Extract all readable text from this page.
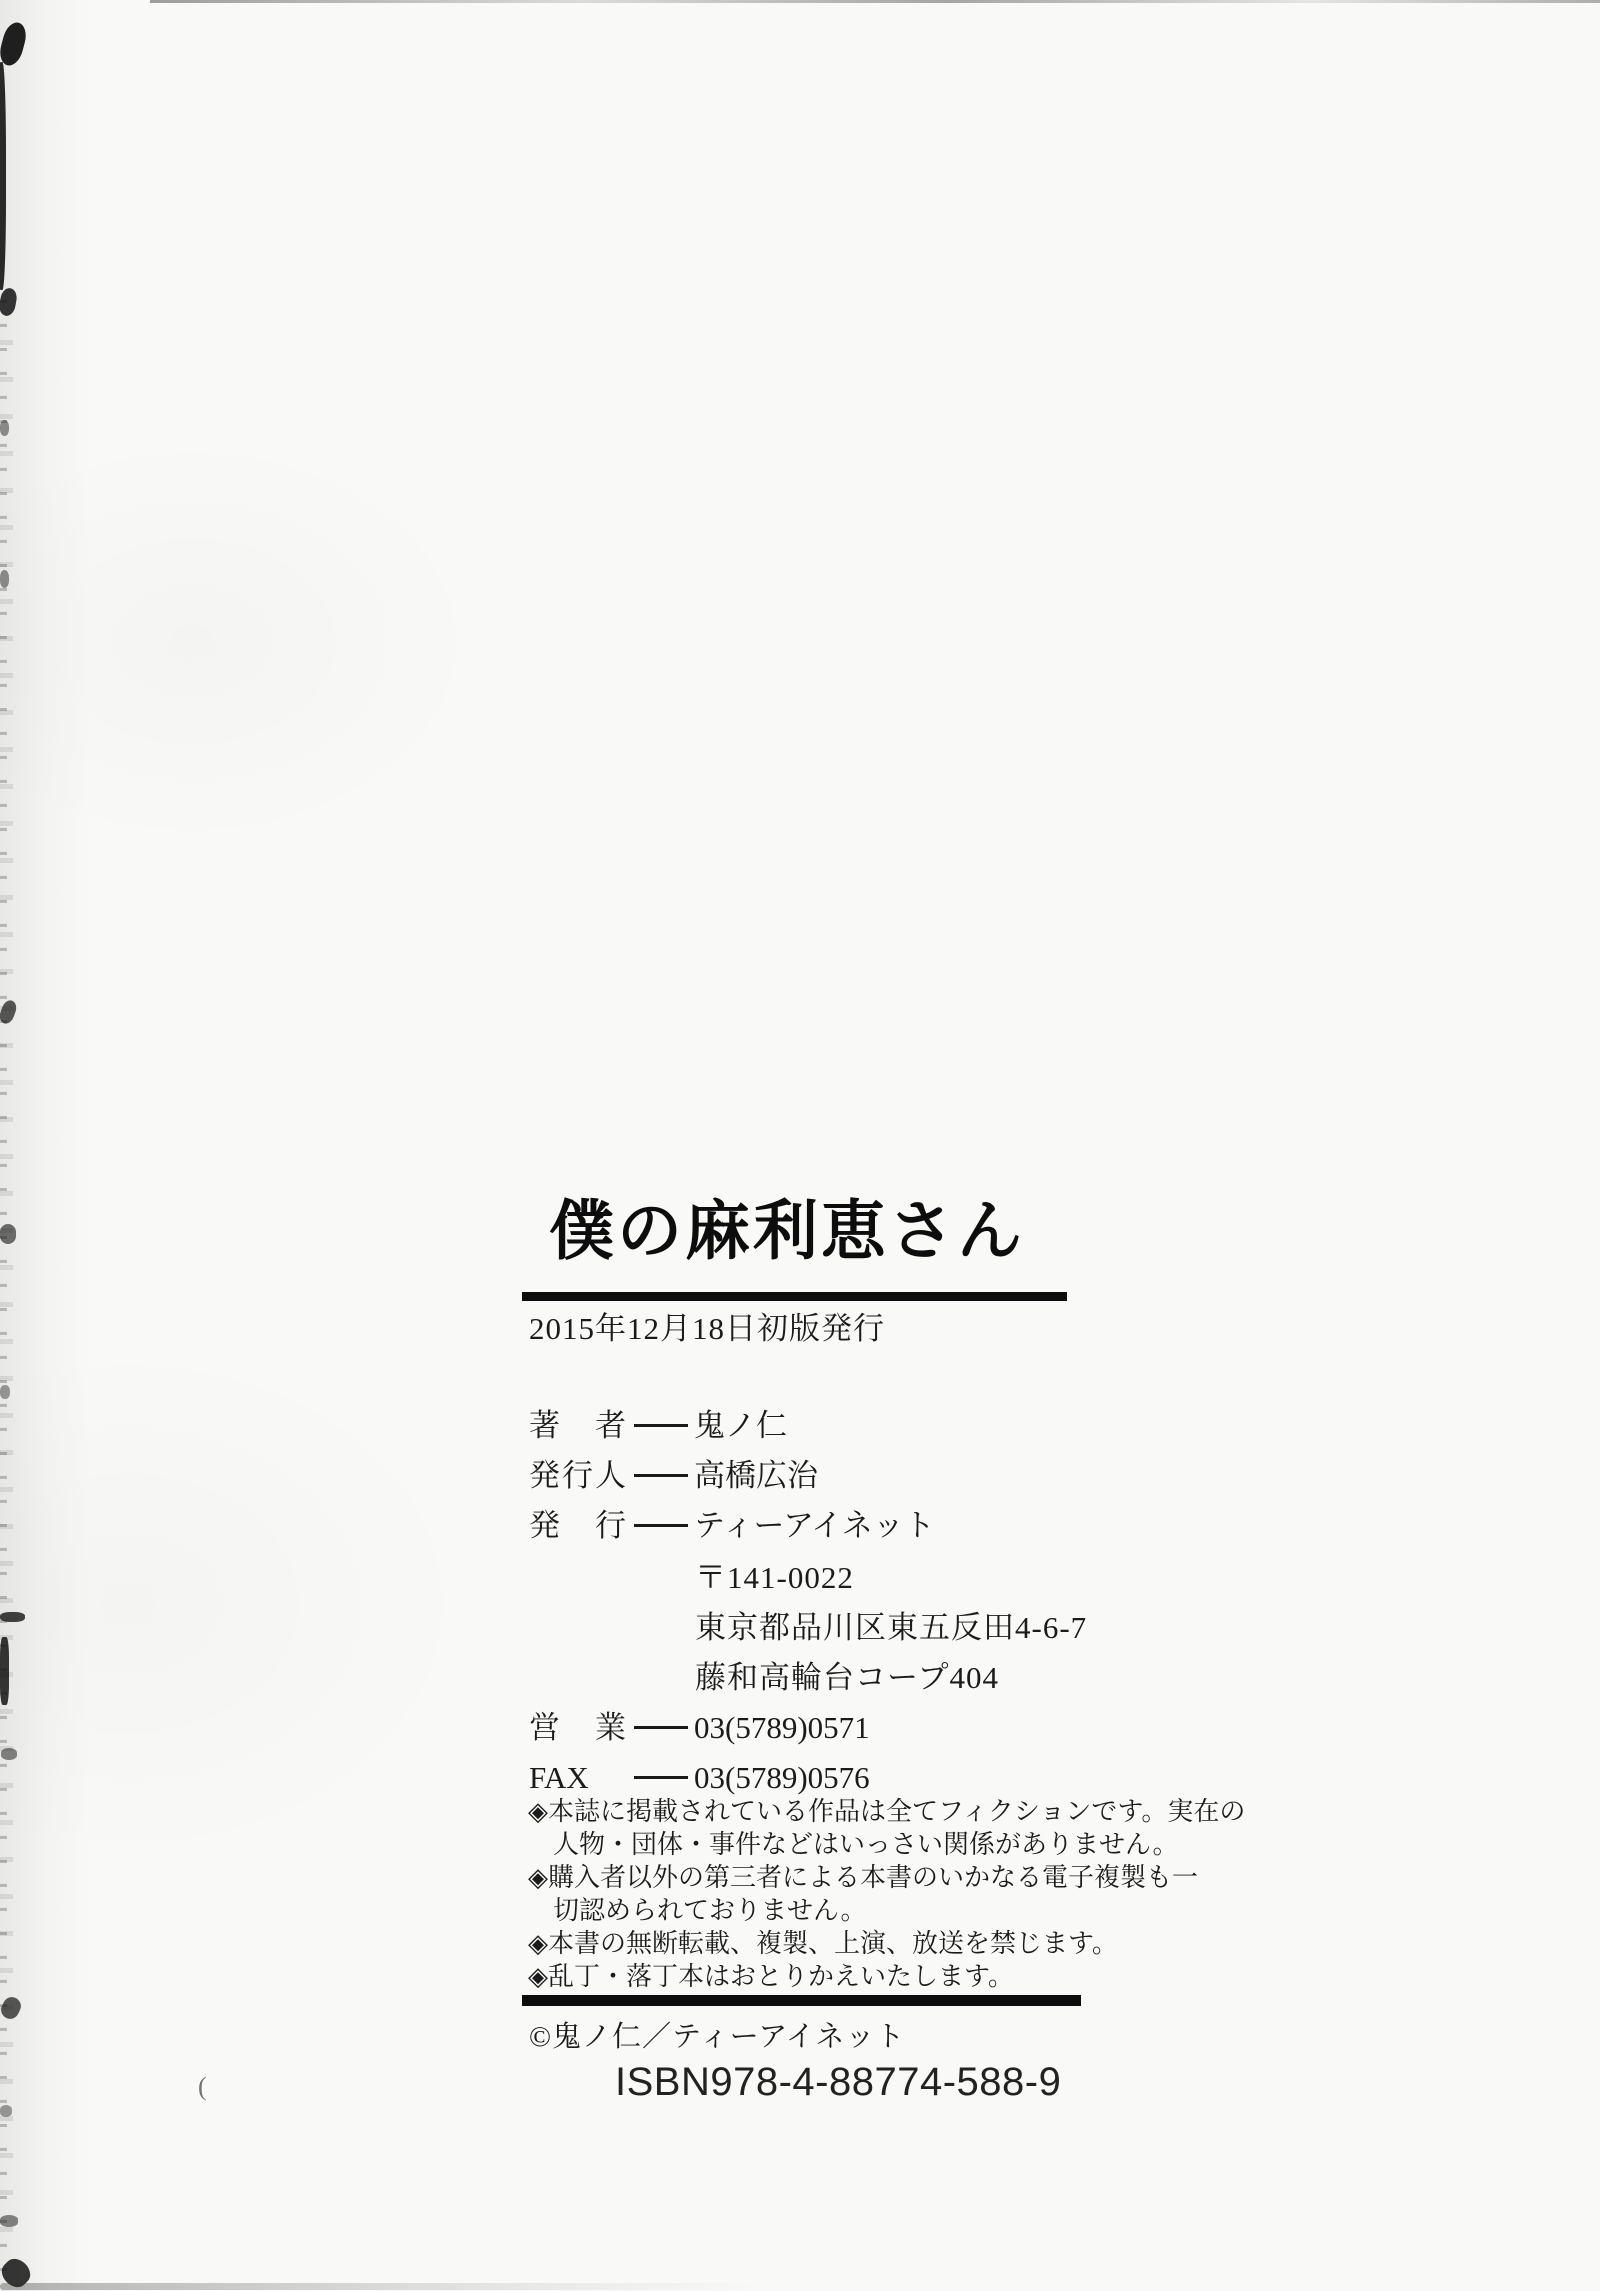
(
僕の麻利恵さん
2015年12月18日初版発行
著者 鬼ノ仁
発行人 高橋広治
発行 ティーアイネット
〒141-0022
東京都品川区東五反田4-6-7
藤和高輪台コープ404
営業 03(5789)0571
FAX	03(5789)0576
◈本誌に掲載されている作品は全てフィクションです。実在の
人物・団体・事件などはいっさい関係がありません。
◈購入者以外の第三者による本書のいかなる電子複製も一
切認められておりません。
◈本書の無断転載、複製、上演、放送を禁じます。
◈乱丁・落丁本はおとりかえいたします。
©鬼ノ仁／ティーアイネット
ISBN978-4-88774-588-9
